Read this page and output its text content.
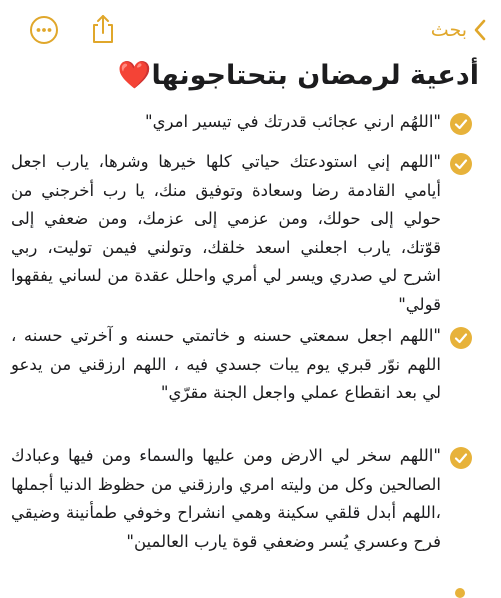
بحث
أدعية لرمضان بتحتاجونها❤️
"اللهُم ارني عجائب قدرتك في تيسير امري"
"اللهم إني استودعتك حياتي كلها خيرها وشرها، يارب اجعل أيامي القادمة رضا وسعادة وتوفيق منك، يا رب أخرجني من حولي إلى حولك، ومن عزمي إلى عزمك، ومن ضعفي إلى قوّتك، يارب اجعلني اسعد خلقك، وتولني فيمن توليت، ربي اشرح لي صدري ويسر لي أمري واحلل عقدة من لساني يفقهوا قولي"
"اللهم اجعل سمعتي حسنه و خاتمتي حسنه و آخرتي حسنه ، اللهم نوّر قبري يوم يبات جسدي فيه ، اللهم ارزقني من يدعو لي بعد انقطاع عملي واجعل الجنة مقرّي"
"اللهم سخر لي الارض ومن عليها والسماء ومن فيها وعبادك الصالحين وكل من وليته امري وارزقني من حظوظ الدنيا أجملها ،اللهم أبدل قلقي سكينة وهمي انشراح وخوفي طمأنينة وضيقي فرح وعسري يُسر وضعفي قوة يارب العالمين"
